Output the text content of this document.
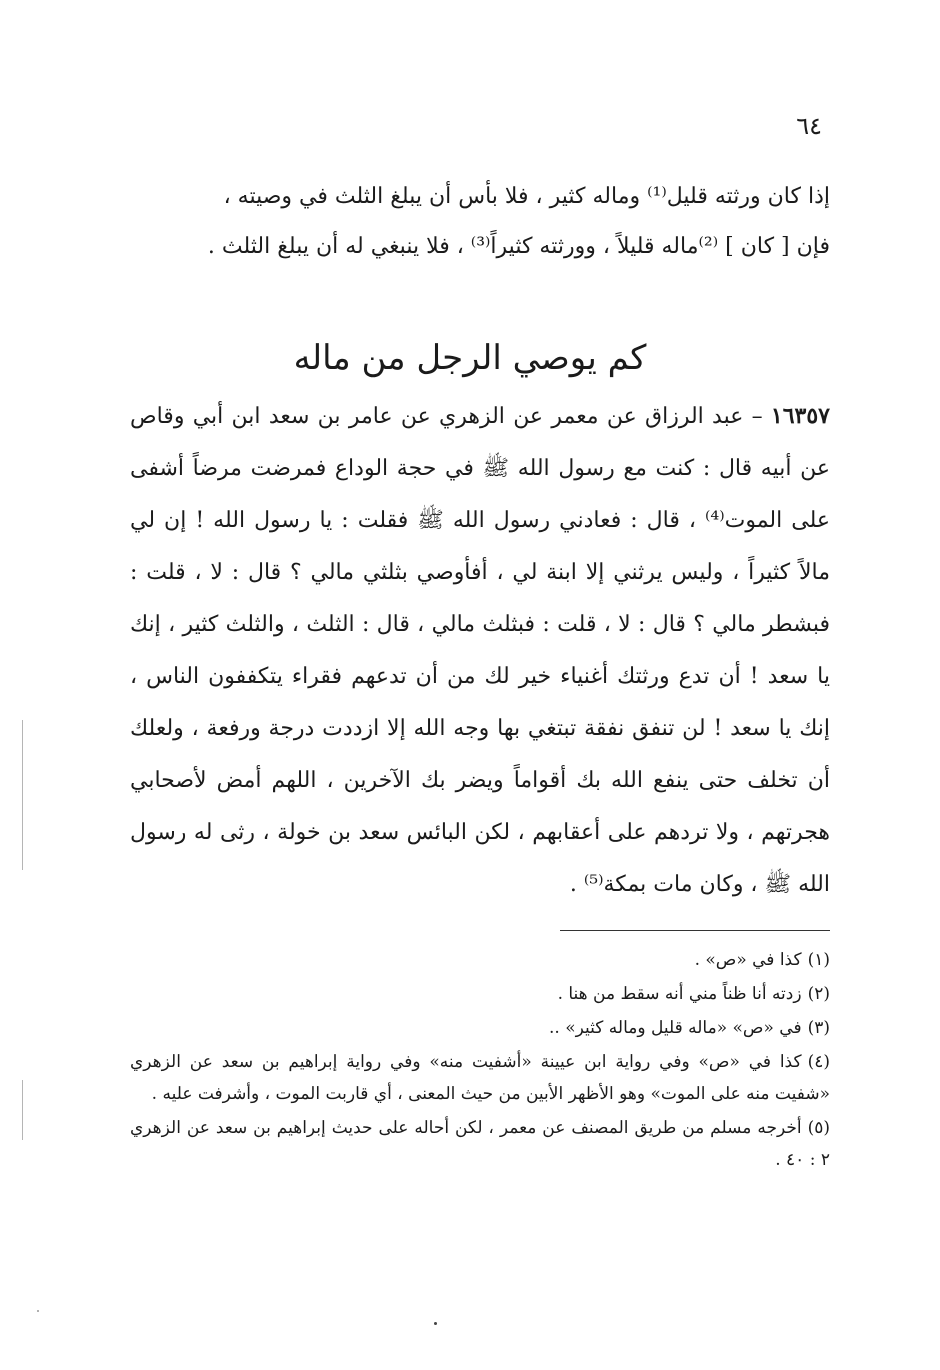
٦٤

إذا كان ورثته قليل⁽¹⁾ وماله كثير ، فلا بأس أن يبلغ الثلث في وصيته ،

فإن [ كان ] ⁽²⁾ماله قليلاً ، وورثته كثيراً⁽³⁾ ، فلا ينبغي له أن يبلغ الثلث .

كم يوصي الرجل من ماله

١٦٣٥٧ – عبد الرزاق عن معمر عن الزهري عن عامر بن سعد ابن أبي وقاص عن أبيه قال : كنت مع رسول الله ﷺ في حجة الوداع فمرضت مرضاً أشفى على الموت⁽⁴⁾ ، قال : فعادني رسول الله ﷺ فقلت : يا رسول الله ! إن لي مالاً كثيراً ، وليس يرثني إلا ابنة لي ، أفأوصي بثلثي مالي ؟ قال : لا ، قلت : فبشطر مالي ؟ قال : لا ، قلت : فبثلث مالي ، قال : الثلث ، والثلث كثير ، إنك يا سعد ! أن تدع ورثتك أغنياء خير لك من أن تدعهم فقراء يتكففون الناس ، إنك يا سعد ! لن تنفق نفقة تبتغي بها وجه الله إلا ازددت درجة ورفعة ، ولعلك أن تخلف حتى ينفع الله بك أقواماً ويضر بك الآخرين ، اللهم أمض لأصحابي هجرتهم ، ولا تردهم على أعقابهم ، لكن البائس سعد بن خولة ، رثى له رسول الله ﷺ ، وكان مات بمكة⁽⁵⁾ .

(١)كذا في «ص» .

(٢)زدته أنا ظناً مني أنه سقط من هنا .

(٣)في «ص» «ماله قليل وماله كثير» ..

(٤)كذا في «ص» وفي رواية ابن عيينة «أشفيت منه» وفي رواية إبراهيم بن سعد عن الزهري «شفيت منه على الموت» وهو الأظهر الأبين من حيث المعنى ، أي قاربت الموت ، وأشرفت عليه .

(٥)أخرجه مسلم من طريق المصنف عن معمر ، لكن أحاله على حديث إبراهيم بن سعد عن الزهري ٢ : ٤٠ .
